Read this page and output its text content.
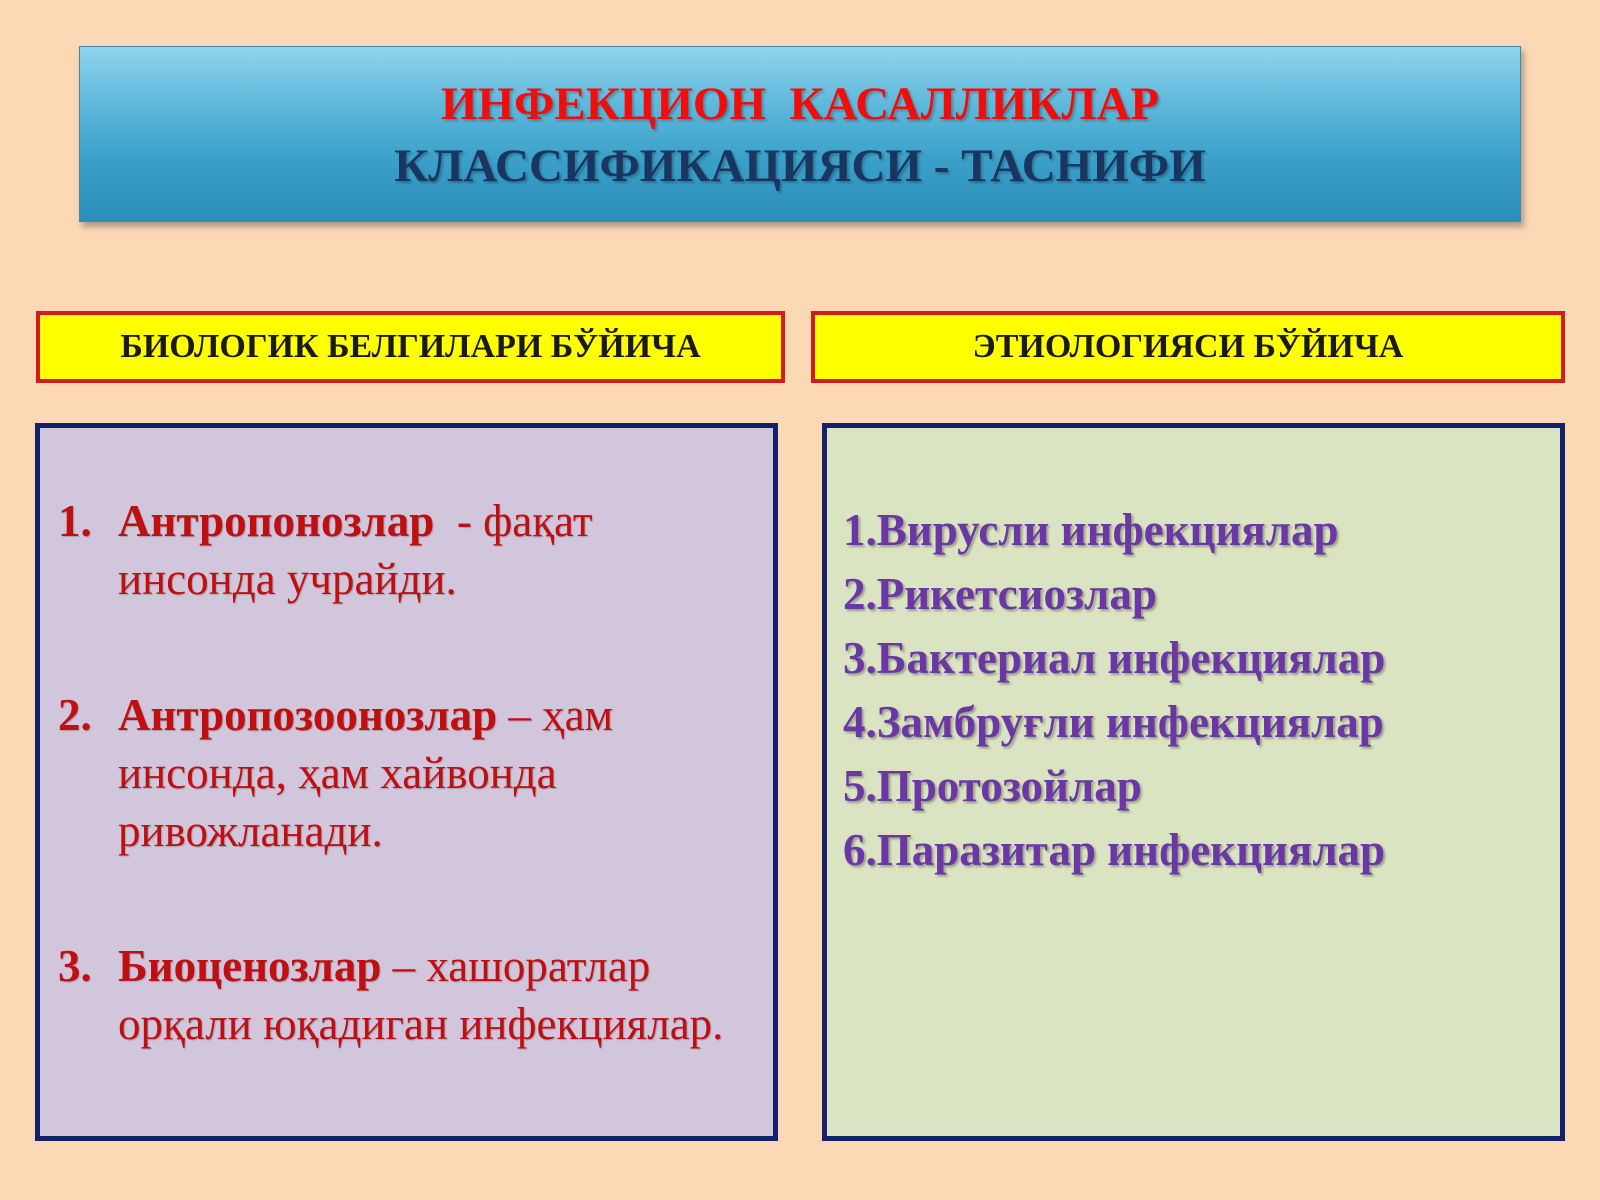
ИНФЕКЦИОН  КАСАЛЛИКЛАР
КЛАССИФИКАЦИЯСИ - ТАСНИФИ
БИОЛОГИК БЕЛГИЛАРИ БЎЙИЧА	ЭТИОЛОГИЯСИ БЎЙИЧА
1. Антропонозлар  - фақат инсонда учрайди.
2. Антропозоонозлар – ҳам инсонда, ҳам хайвонда ривожланади.
3. Биоценозлар – хашоратлар орқали юқадиган инфекциялар.
1.Вирусли инфекциялар
2.Рикетсиозлар
3.Бактериал инфекциялар
4.Замбруғли инфекциялар
5.Протозойлар
6.Паразитар инфекциялар
